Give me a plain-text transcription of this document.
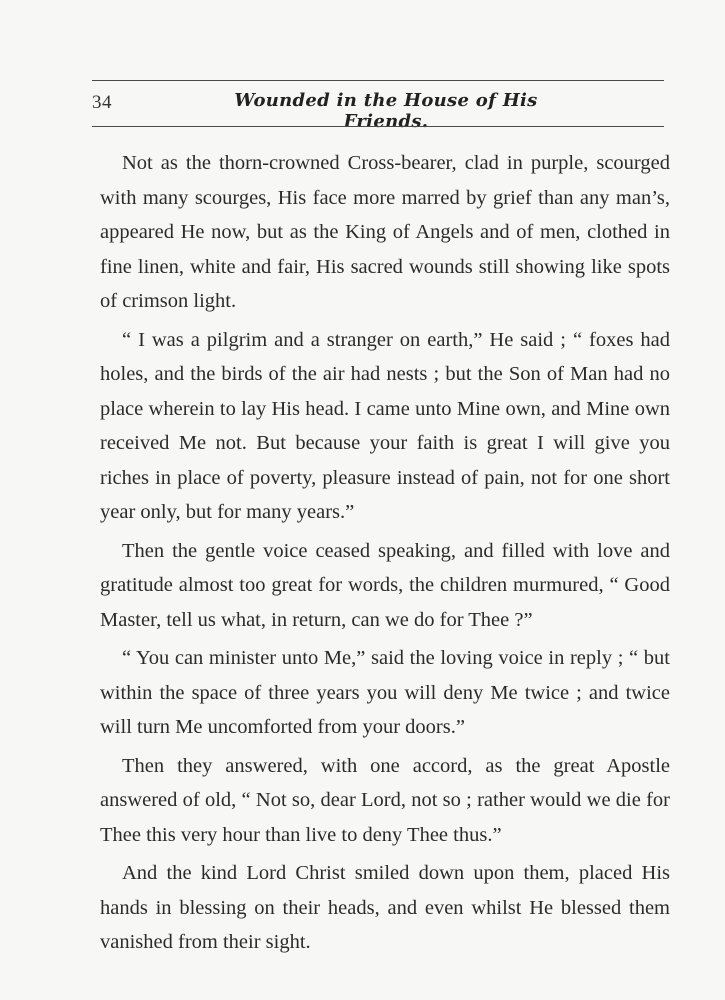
34	Wounded in the House of His Friends.

Not as the thorn-crowned Cross-bearer, clad in purple, scourged with many scourges, His face more marred by grief than any man’s, appeared He now, but as the King of Angels and of men, clothed in fine linen, white and fair, His sacred wounds still showing like spots of crimson light.

“ I was a pilgrim and a stranger on earth,” He said ; “ foxes had holes, and the birds of the air had nests ; but the Son of Man had no place wherein to lay His head. I came unto Mine own, and Mine own received Me not. But because your faith is great I will give you riches in place of poverty, pleasure instead of pain, not for one short year only, but for many years.”

Then the gentle voice ceased speaking, and filled with love and gratitude almost too great for words, the children murmured, “ Good Master, tell us what, in return, can we do for Thee ?”

“ You can minister unto Me,” said the loving voice in reply ; “ but within the space of three years you will deny Me twice ; and twice will turn Me uncomforted from your doors.”

Then they answered, with one accord, as the great Apostle answered of old, “ Not so, dear Lord, not so ; rather would we die for Thee this very hour than live to deny Thee thus.”

And the kind Lord Christ smiled down upon them, placed His hands in blessing on their heads, and even whilst He blessed them vanished from their sight.
